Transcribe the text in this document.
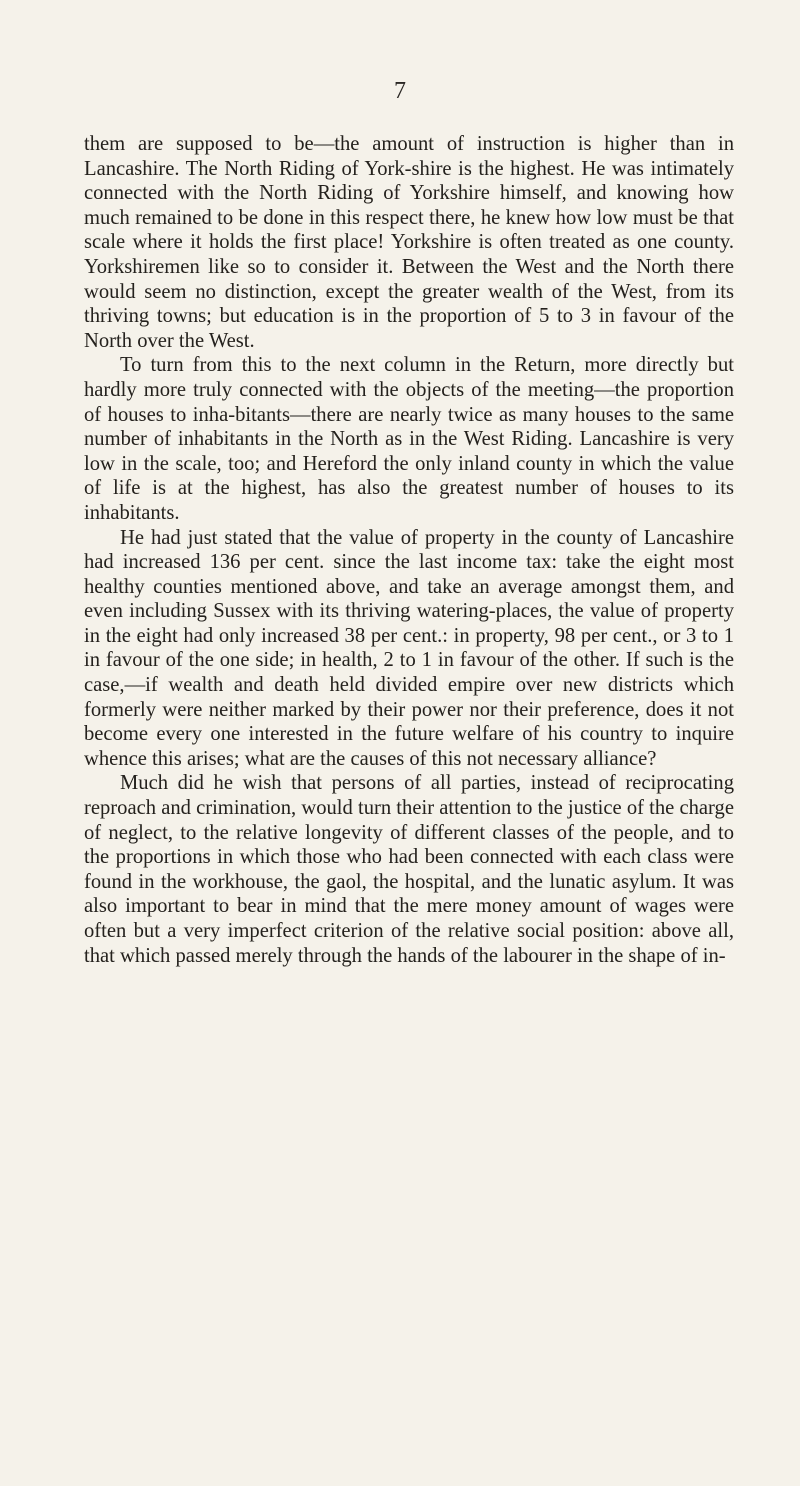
7

them are supposed to be—the amount of instruction is higher than in Lancashire. The North Riding of York-shire is the highest. He was intimately connected with the North Riding of Yorkshire himself, and knowing how much remained to be done in this respect there, he knew how low must be that scale where it holds the first place! Yorkshire is often treated as one county. Yorkshiremen like so to consider it. Between the West and the North there would seem no distinction, except the greater wealth of the West, from its thriving towns; but education is in the proportion of 5 to 3 in favour of the North over the West.

To turn from this to the next column in the Return, more directly but hardly more truly connected with the objects of the meeting—the proportion of houses to inha-bitants—there are nearly twice as many houses to the same number of inhabitants in the North as in the West Riding. Lancashire is very low in the scale, too; and Hereford the only inland county in which the value of life is at the highest, has also the greatest number of houses to its inhabitants.

He had just stated that the value of property in the county of Lancashire had increased 136 per cent. since the last income tax: take the eight most healthy counties mentioned above, and take an average amongst them, and even including Sussex with its thriving watering-places, the value of property in the eight had only increased 38 per cent.: in property, 98 per cent., or 3 to 1 in favour of the one side; in health, 2 to 1 in favour of the other. If such is the case,—if wealth and death held divided empire over new districts which formerly were neither marked by their power nor their preference, does it not become every one interested in the future welfare of his country to inquire whence this arises; what are the causes of this not necessary alliance?

Much did he wish that persons of all parties, instead of reciprocating reproach and crimination, would turn their attention to the justice of the charge of neglect, to the relative longevity of different classes of the people, and to the proportions in which those who had been connected with each class were found in the workhouse, the gaol, the hospital, and the lunatic asylum. It was also important to bear in mind that the mere money amount of wages were often but a very imperfect criterion of the relative social position: above all, that which passed merely through the hands of the labourer in the shape of in-
